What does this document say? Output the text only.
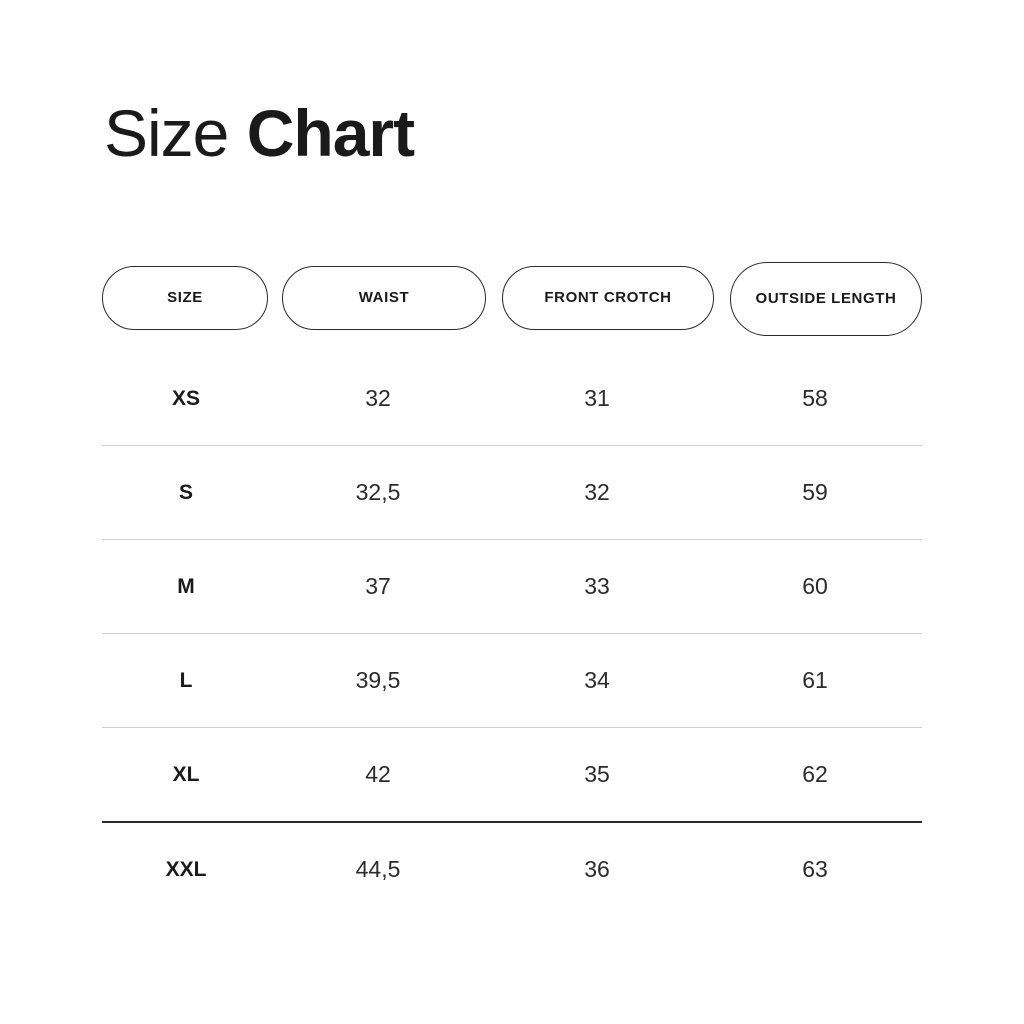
Size Chart
SIZE	WAIST	FRONT CROTCH	OUTSIDE LENGTH
XS	32	31	58
S	32,5	32	59
M	37	33	60
L	39,5	34	61
XL	42	35	62
XXL	44,5	36	63
